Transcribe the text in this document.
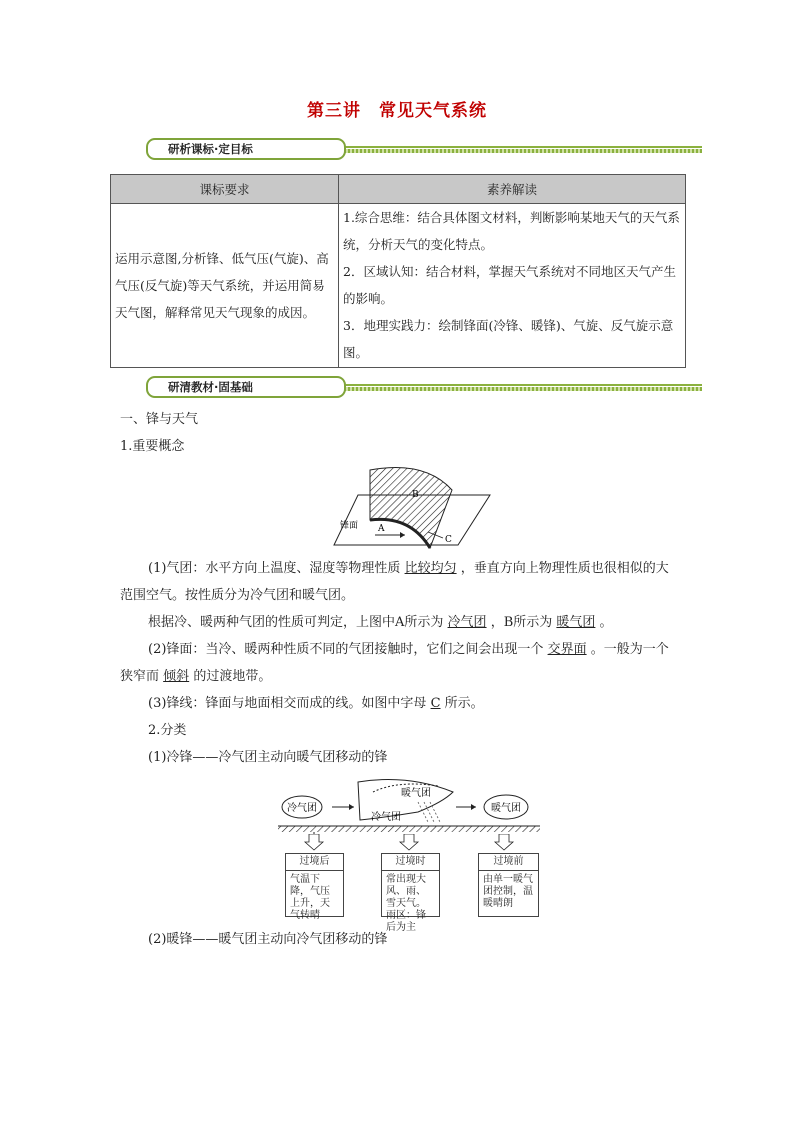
第三讲　常见天气系统
研析课标·定目标
课标要求	素养解读
运用示意图,分析锋、低气压(气旋)、高气压(反气旋)等天气系统，并运用简易天气图，解释常见天气现象的成因。	1.综合思维：结合具体图文材料，判断影响某地天气的天气系统，分析天气的变化特点。
2．区域认知：结合材料，掌握天气系统对不同地区天气产生的影响。
3．地理实践力：绘制锋面(冷锋、暖锋)、气旋、反气旋示意图。
研清教材·固基础
一、锋与天气
1.重要概念
A
B
C
锋面
(1)气团：水平方向上温度、湿度等物理性质 比较均匀 ，垂直方向上物理性质也很相似的大范围空气。按性质分为冷气团和暖气团。
根据冷、暖两种气团的性质可判定，上图中A所示为 冷气团 ，B所示为 暖气团 。
(2)锋面：当冷、暖两种性质不同的气团接触时，它们之间会出现一个 交界面 。一般为一个狭窄而 倾斜 的过渡地带。
(3)锋线：锋面与地面相交而成的线。如图中字母 C 所示。
2.分类
(1)冷锋——冷气团主动向暖气团移动的锋
冷气团
暖气团
冷气团
暖气团
过境后
气温下降，气压上升，天气转晴
过境时
常出现大风、雨、雪天气。雨区：锋后为主
过境前
由单一暖气团控制，温暖晴朗
(2)暖锋——暖气团主动向冷气团移动的锋
